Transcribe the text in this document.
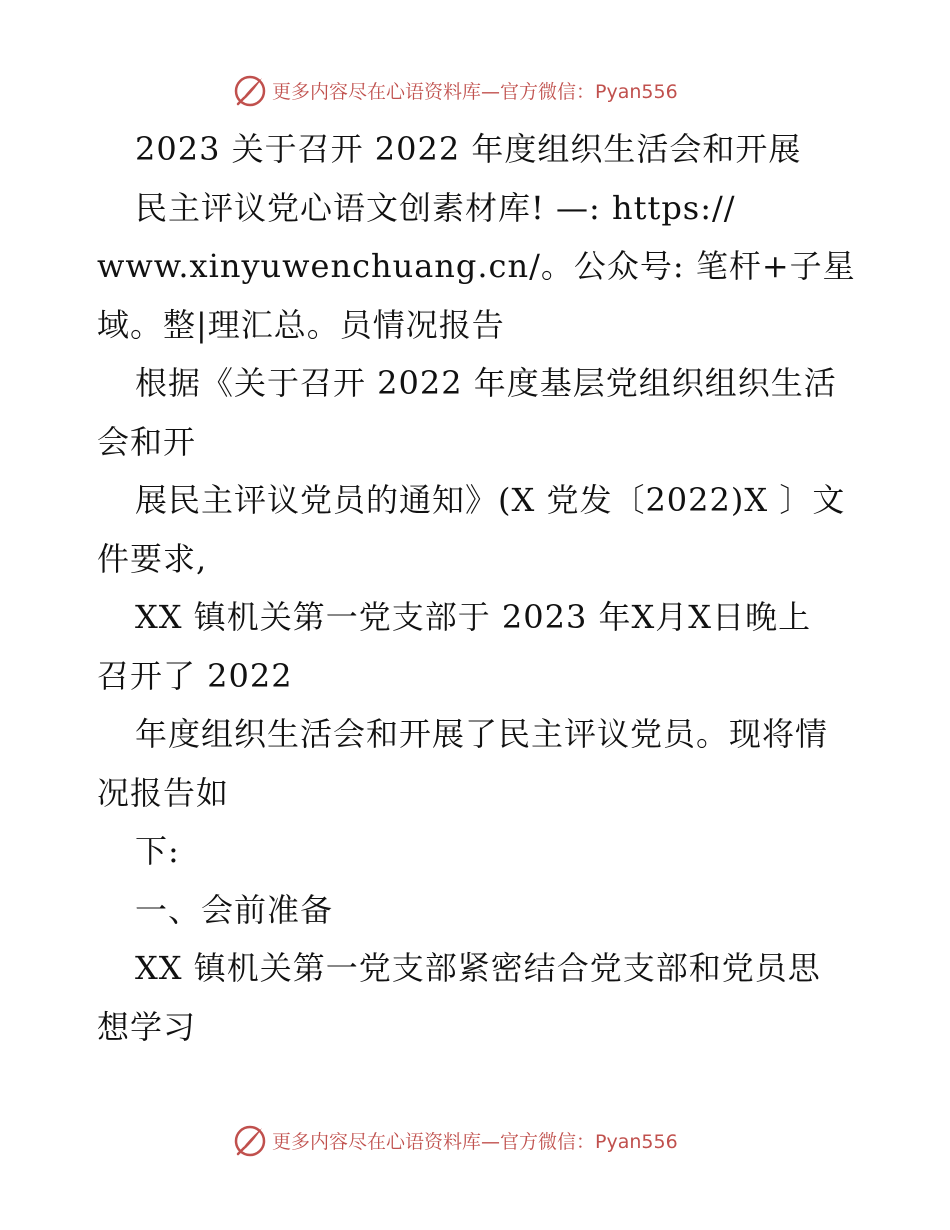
更多内容尽在心语资料库—官方微信：Pyan556
2023 关于召开 2022 年度组织生活会和开展
民主评议党心语文创素材库! —: https://
www.xinyuwenchuang.cn/。公众号: 笔杆+子星
域。整|理汇总。员情况报告
根据《关于召开 2022 年度基层党组织组织生活
会和开
展民主评议党员的通知》(X 党发〔2022)X 〕文
件要求,
XX 镇机关第一党支部于 2023 年X月X日晚上
召开了 2022
年度组织生活会和开展了民主评议党员。现将情
况报告如
下:
一、会前准备
XX 镇机关第一党支部紧密结合党支部和党员思
想学习
更多内容尽在心语资料库—官方微信：Pyan556
